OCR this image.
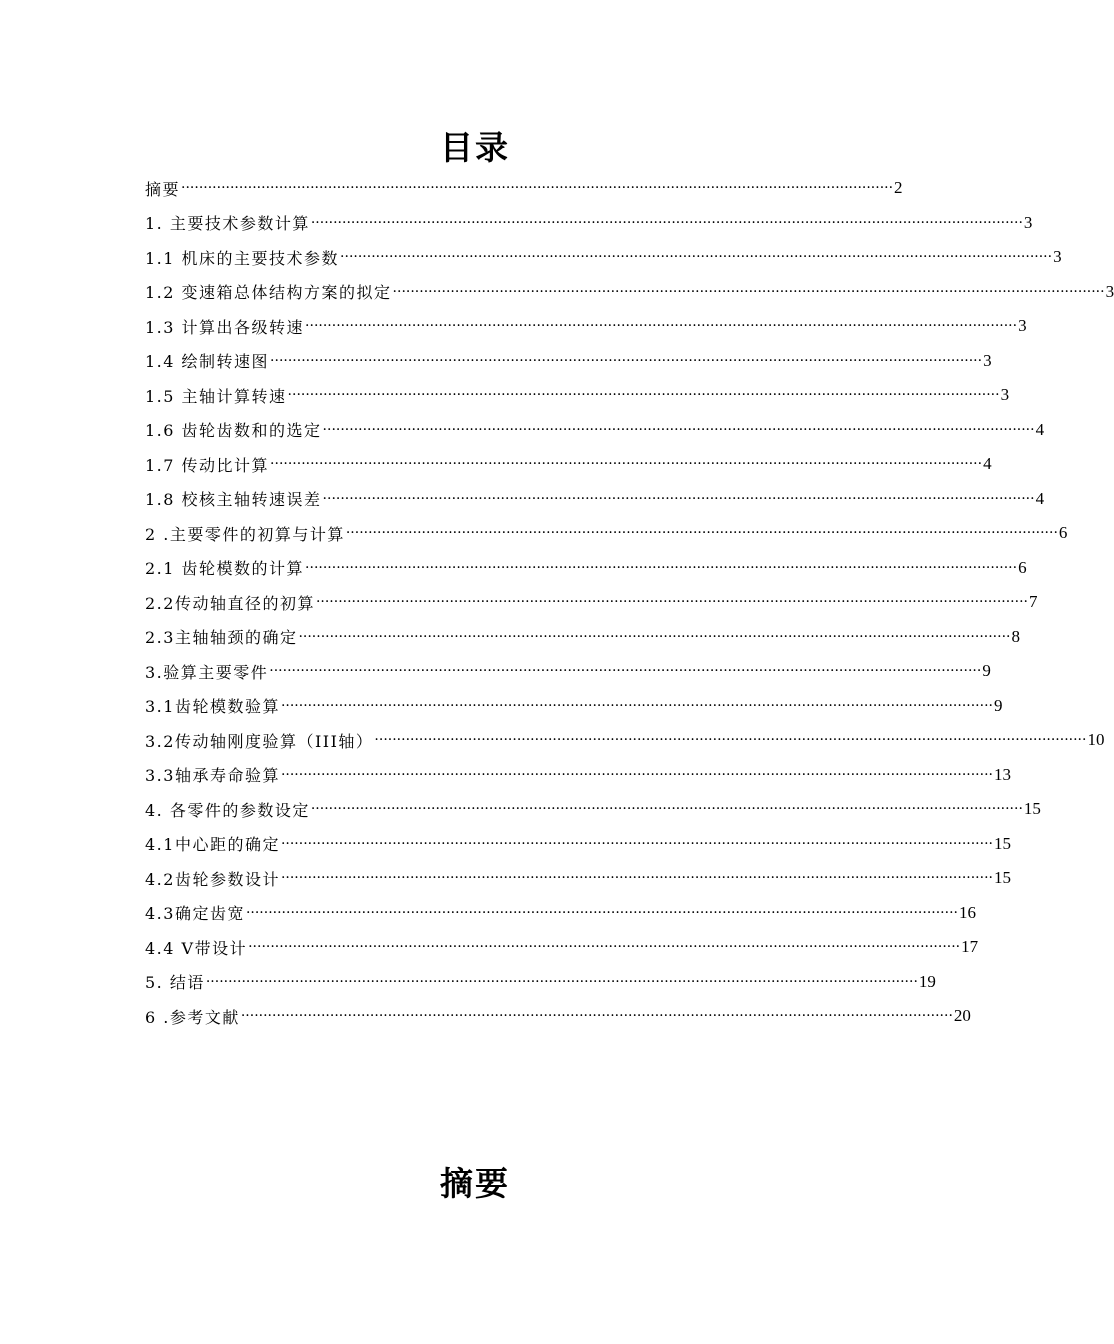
目录
摘要 ································································································································································ 2
1. 主要技术参数计算 ································································································································································ 3
1.1 机床的主要技术参数 ································································································································································ 3
1.2 变速箱总体结构方案的拟定 ································································································································································ 3
1.3 计算出各级转速 ································································································································································ 3
1.4 绘制转速图 ································································································································································ 3
1.5 主轴计算转速 ································································································································································ 3
1.6 齿轮齿数和的选定 ································································································································································ 4
1.7 传动比计算 ································································································································································ 4
1.8 校核主轴转速误差 ································································································································································ 4
2 .主要零件的初算与计算 ································································································································································ 6
2.1 齿轮模数的计算 ································································································································································ 6
2.2传动轴直径的初算 ································································································································································ 7
2.3主轴轴颈的确定 ································································································································································ 8
3.验算主要零件 ································································································································································ 9
3.1齿轮模数验算 ································································································································································ 9
3.2传动轴刚度验算（III轴） ································································································································································ 10
3.3轴承寿命验算 ································································································································································ 13
4. 各零件的参数设定 ································································································································································ 15
4.1中心距的确定 ································································································································································ 15
4.2齿轮参数设计 ································································································································································ 15
4.3确定齿宽 ································································································································································ 16
4.4 V带设计 ································································································································································ 17
5. 结语 ································································································································································ 19
6 .参考文献 ································································································································································ 20
摘要
